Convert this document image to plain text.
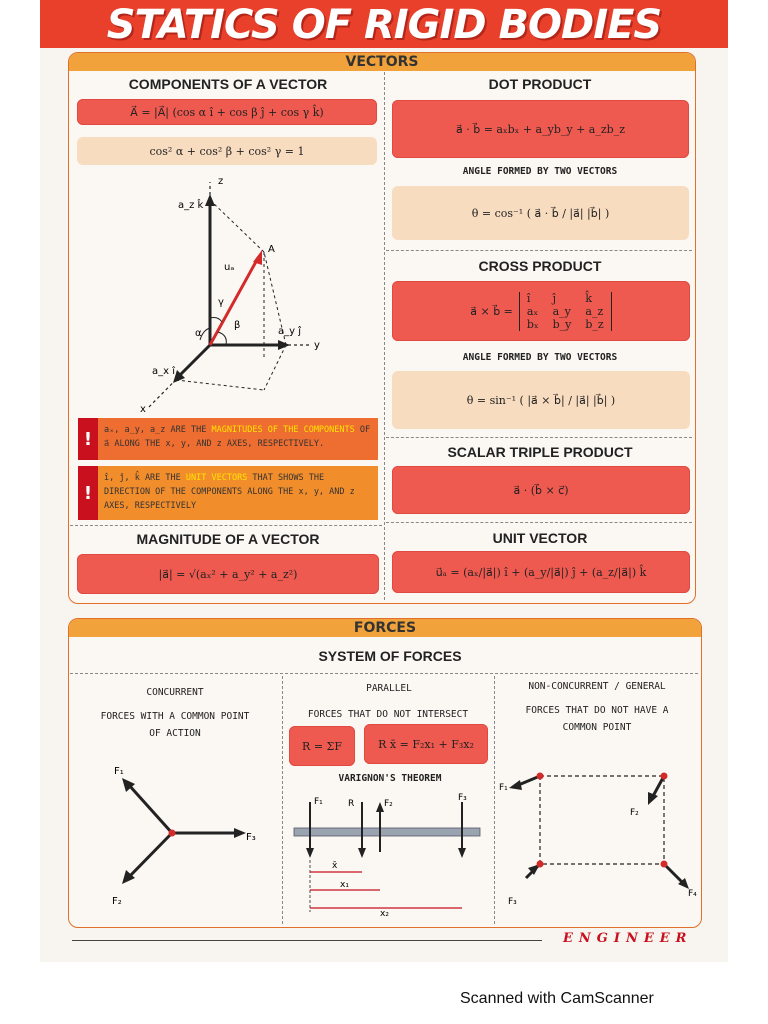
STATICS OF RIGID BODIES
VECTORS
COMPONENTS OF A VECTOR
A⃗ = |A⃗| (cos α î + cos β ĵ + cos γ k̂)
cos² α + cos² β + cos² γ = 1
z
y
x
A
uₐ
a_z k̂
a_y ĵ
a_x î
α
β
γ
!	aₓ, a_y, a_z ARE THE MAGNITUDES OF THE COMPONENTS OF a⃗ ALONG THE x, y, AND z AXES, RESPECTIVELY.
!
î, ĵ, k̂ ARE THE UNIT VECTORS THAT SHOWS THE DIRECTION OF THE COMPONENTS ALONG THE x, y, AND z AXES, RESPECTIVELY
MAGNITUDE OF A VECTOR
|a⃗| = √(aₓ² + a_y² + a_z²)
DOT PRODUCT
a⃗ · b⃗ = aₓbₓ + a_yb_y + a_zb_z
ANGLE FORMED BY TWO VECTORS
θ = cos⁻¹ ( a⃗ · b⃗ / |a⃗| |b⃗| )
CROSS PRODUCT
a⃗ × b⃗ =
î	ĵ	k̂
aₓ	a_y	a_z
bₓ	b_y	b_z
ANGLE FORMED BY TWO VECTORS
θ = sin⁻¹ ( |a⃗ × b⃗| / |a⃗| |b⃗| )
SCALAR TRIPLE PRODUCT
a⃗ · (b⃗ × c⃗)
UNIT VECTOR
u⃗ₐ = (aₓ/|a⃗|) î + (a_y/|a⃗|) ĵ + (a_z/|a⃗|) k̂
FORCES
SYSTEM OF FORCES
CONCURRENT
FORCES WITH A COMMON POINT OF ACTION
F₁
F₂
F₃
PARALLEL
FORCES THAT DO NOT INTERSECT
R = ΣF	R x̄ = F₂x₁ + F₃x₂
VARIGNON'S THEOREM
F₁	R	F₂
F₃
x̄
x₁
x₂
NON-CONCURRENT / GENERAL
FORCES THAT DO NOT HAVE A COMMON POINT
F₁
F₂
F₃
F₄
ENGINEER
Scanned with CamScanner
